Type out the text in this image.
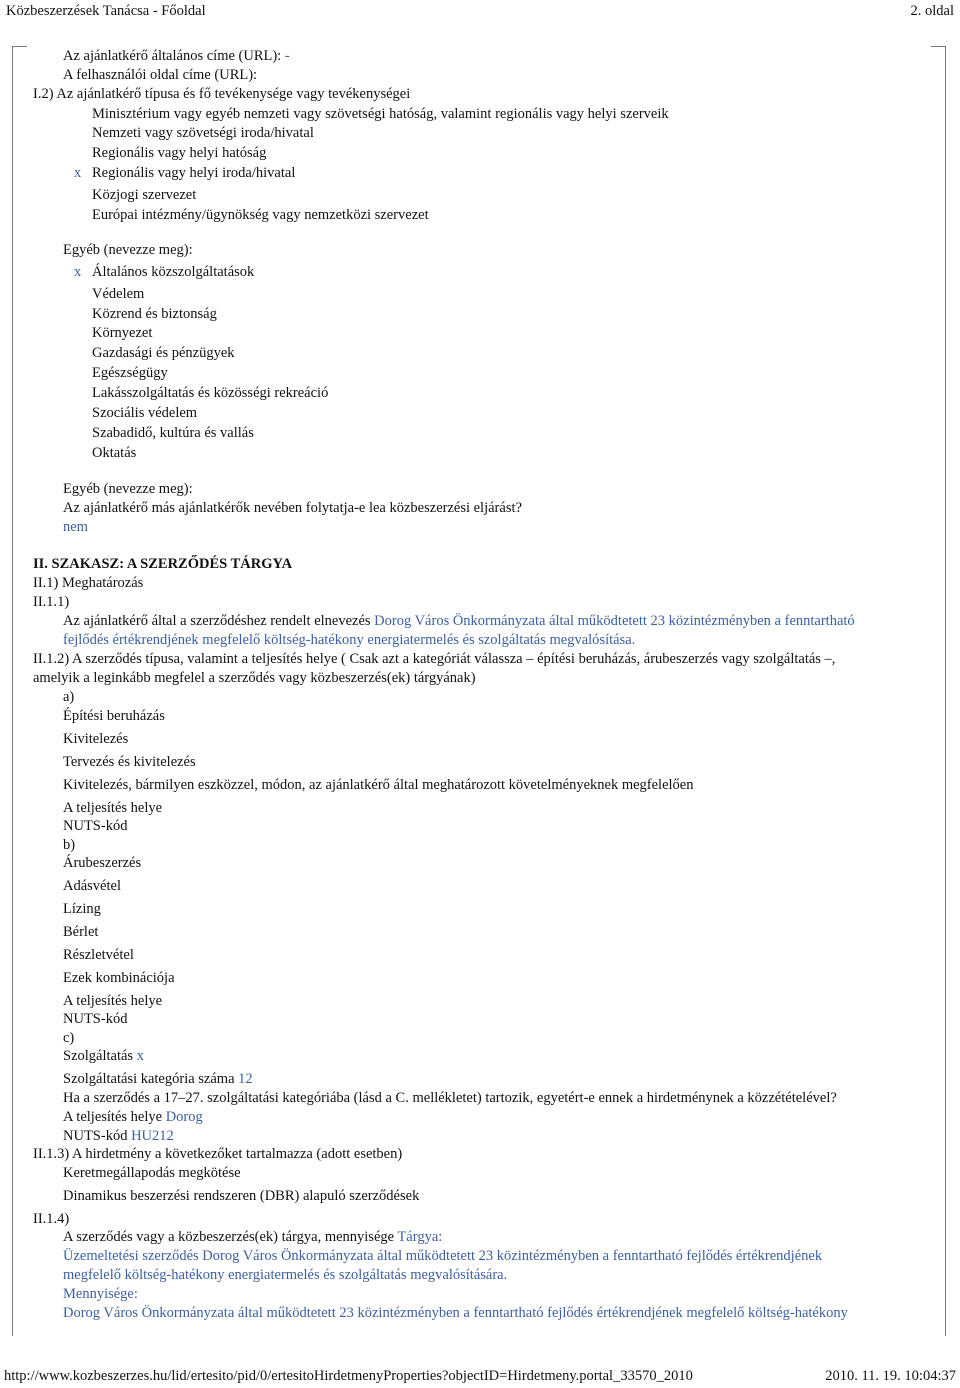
Közbeszerzések Tanácsa - Főoldal	2. oldal
Az ajánlatkérő általános címe (URL): -
A felhasználói oldal címe (URL):
I.2) Az ajánlatkérő típusa és fő tevékenysége vagy tevékenységei
Minisztérium vagy egyéb nemzeti vagy szövetségi hatóság, valamint regionális vagy helyi szerveik
Nemzeti vagy szövetségi iroda/hivatal
Regionális vagy helyi hatóság
x Regionális vagy helyi iroda/hivatal
Közjogi szervezet
Európai intézmény/ügynökség vagy nemzetközi szervezet
Egyéb (nevezze meg):
x Általános közszolgáltatások
Védelem
Közrend és biztonság
Környezet
Gazdasági és pénzügyek
Egészségügy
Lakásszolgáltatás és közösségi rekreáció
Szociális védelem
Szabadidő, kultúra és vallás
Oktatás
Egyéb (nevezze meg):
Az ajánlatkérő más ajánlatkérők nevében folytatja-e lea közbeszerzési eljárást?
nem
II. SZAKASZ: A SZERZŐDÉS TÁRGYA
II.1) Meghatározás
II.1.1)
Az ajánlatkérő által a szerződéshez rendelt elnevezés Dorog Város Önkormányzata által működtetett 23 közintézményben a fenntartható
fejlődés értékrendjének megfelelő költség-hatékony energiatermelés és szolgáltatás megvalósítása.
II.1.2) A szerződés típusa, valamint a teljesítés helye ( Csak azt a kategóriát válassza – építési beruházás, árubeszerzés vagy szolgáltatás –,
amelyik a leginkább megfelel a szerződés vagy közbeszerzés(ek) tárgyának)
a)
Építési beruházás
Kivitelezés
Tervezés és kivitelezés
Kivitelezés, bármilyen eszközzel, módon, az ajánlatkérő által meghatározott követelményeknek megfelelően
A teljesítés helye
NUTS-kód
b)
Árubeszerzés
Adásvétel
Lízing
Bérlet
Részletvétel
Ezek kombinációja
A teljesítés helye
NUTS-kód
c)
Szolgáltatás x
Szolgáltatási kategória száma 12
Ha a szerződés a 17–27. szolgáltatási kategóriába (lásd a C. mellékletet) tartozik, egyetért-e ennek a hirdetménynek a közzétételével?
A teljesítés helye Dorog
NUTS-kód HU212
II.1.3) A hirdetmény a következőket tartalmazza (adott esetben)
Keretmegállapodás megkötése
Dinamikus beszerzési rendszeren (DBR) alapuló szerződések
II.1.4)
A szerződés vagy a közbeszerzés(ek) tárgya, mennyisége Tárgya:
Üzemeltetési szerződés Dorog Város Önkormányzata által működtetett 23 közintézményben a fenntartható fejlődés értékrendjének
megfelelő költség-hatékony energiatermelés és szolgáltatás megvalósítására.
Mennyisége:
Dorog Város Önkormányzata által működtetett 23 közintézményben a fenntartható fejlődés értékrendjének megfelelő költség-hatékony
http://www.kozbeszerzes.hu/lid/ertesito/pid/0/ertesitoHirdetmenyProperties?objectID=Hirdetmeny.portal_33570_2010	2010. 11. 19. 10:04:37
